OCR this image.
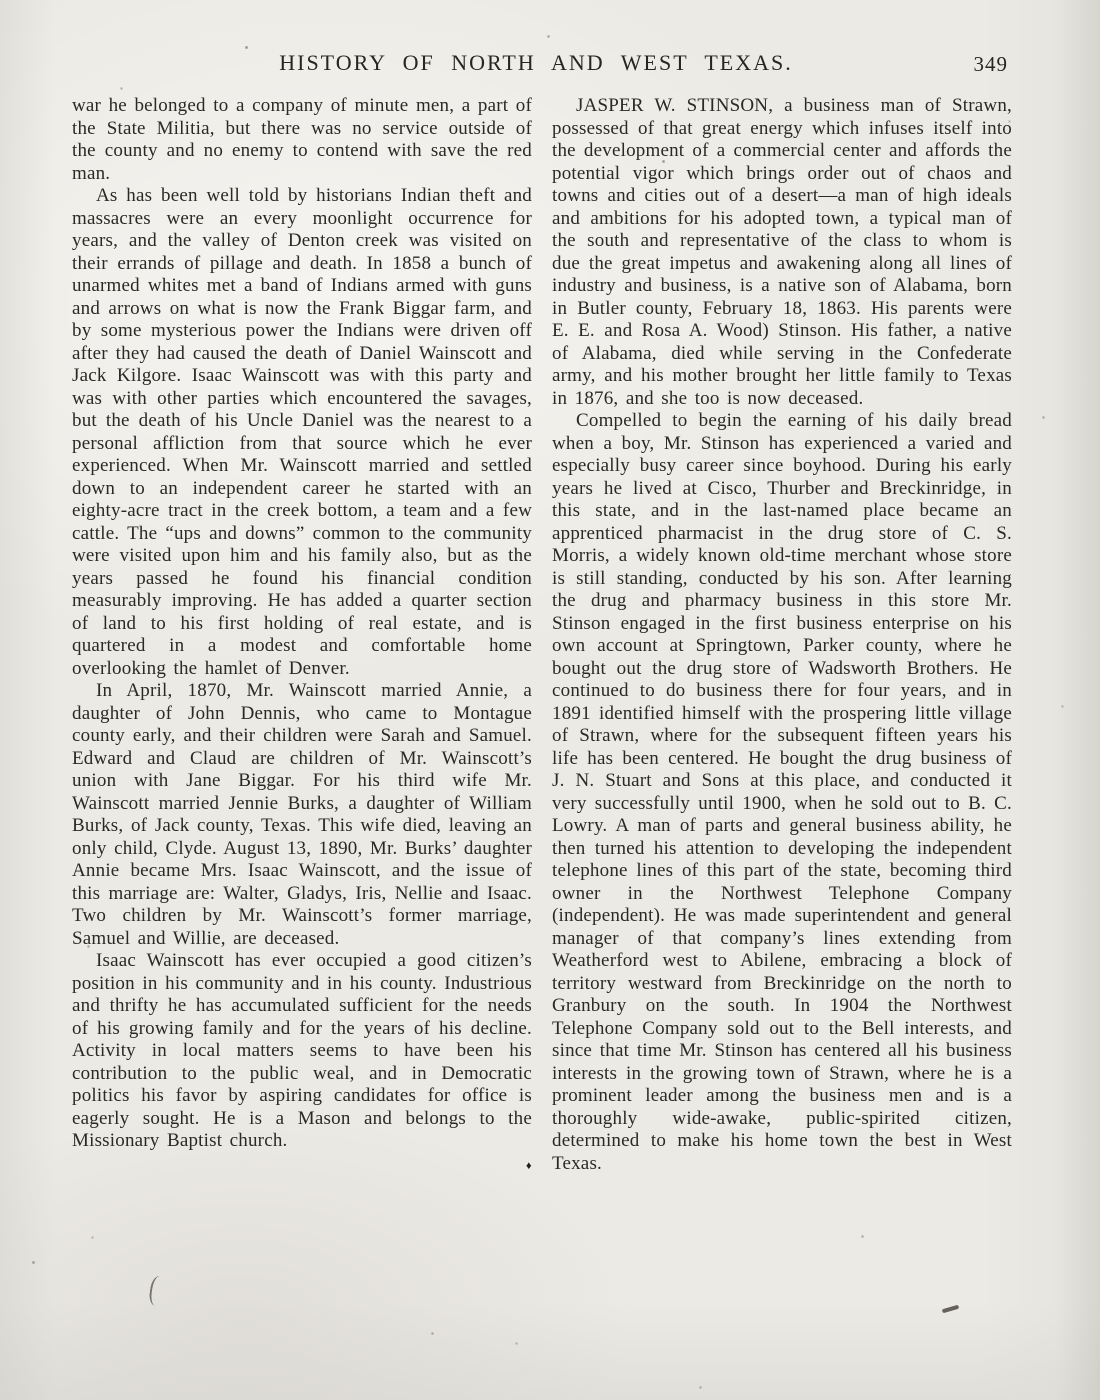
HISTORY OF NORTH AND WEST TEXAS.	349

war he belonged to a company of minute men, a part of the State Militia, but there was no service outside of the county and no enemy to contend with save the red man.

As has been well told by historians Indian theft and massacres were an every moonlight occurrence for years, and the valley of Denton creek was visited on their errands of pillage and death. In 1858 a bunch of unarmed whites met a band of Indians armed with guns and arrows on what is now the Frank Biggar farm, and by some mysterious power the Indians were driven off after they had caused the death of Daniel Wainscott and Jack Kilgore. Isaac Wainscott was with this party and was with other parties which encountered the savages, but the death of his Uncle Daniel was the nearest to a personal affliction from that source which he ever experienced. When Mr. Wainscott married and settled down to an independent career he started with an eighty-acre tract in the creek bottom, a team and a few cattle. The “ups and downs” common to the community were visited upon him and his family also, but as the years passed he found his financial condition measurably improving. He has added a quarter section of land to his first holding of real estate, and is quartered in a modest and comfortable home overlooking the hamlet of Denver.

In April, 1870, Mr. Wainscott married Annie, a daughter of John Dennis, who came to Montague county early, and their children were Sarah and Samuel. Edward and Claud are children of Mr. Wainscott’s union with Jane Biggar. For his third wife Mr. Wainscott married Jennie Burks, a daughter of William Burks, of Jack county, Texas. This wife died, leaving an only child, Clyde. August 13, 1890, Mr. Burks’ daughter Annie became Mrs. Isaac Wainscott, and the issue of this marriage are: Walter, Gladys, Iris, Nellie and Isaac. Two children by Mr. Wainscott’s former marriage, Samuel and Willie, are deceased.

Isaac Wainscott has ever occupied a good citizen’s position in his community and in his county. Industrious and thrifty he has accumulated sufficient for the needs of his growing family and for the years of his decline. Activity in local matters seems to have been his contribution to the public weal, and in Democratic politics his favor by aspiring candidates for office is eagerly sought. He is a Mason and belongs to the Missionary Baptist church.

JASPER W. STINSON, a business man of Strawn, possessed of that great energy which infuses itself into the development of a commercial center and affords the potential vigor which brings order out of chaos and towns and cities out of a desert—a man of high ideals and ambitions for his adopted town, a typical man of the south and representative of the class to whom is due the great impetus and awakening along all lines of industry and business, is a native son of Alabama, born in Butler county, February 18, 1863. His parents were E. E. and Rosa A. Wood) Stinson. His father, a native of Alabama, died while serving in the Confederate army, and his mother brought her little family to Texas in 1876, and she too is now deceased.

Compelled to begin the earning of his daily bread when a boy, Mr. Stinson has experienced a varied and especially busy career since boyhood. During his early years he lived at Cisco, Thurber and Breckinridge, in this state, and in the last-named place became an apprenticed pharmacist in the drug store of C. S. Morris, a widely known old-time merchant whose store is still standing, conducted by his son. After learning the drug and pharmacy business in this store Mr. Stinson engaged in the first business enterprise on his own account at Springtown, Parker county, where he bought out the drug store of Wadsworth Brothers. He continued to do business there for four years, and in 1891 identified himself with the prospering little village of Strawn, where for the subsequent fifteen years his life has been centered. He bought the drug business of J. N. Stuart and Sons at this place, and conducted it very successfully until 1900, when he sold out to B. C. Lowry. A man of parts and general business ability, he then turned his attention to developing the independent telephone lines of this part of the state, becoming third owner in the Northwest Telephone Company (independent). He was made superintendent and general manager of that company’s lines extending from Weatherford west to Abilene, embracing a block of territory westward from Breckinridge on the north to Granbury on the south. In 1904 the Northwest Telephone Company sold out to the Bell interests, and since that time Mr. Stinson has centered all his business interests in the growing town of Strawn, where he is a prominent leader among the business men and is a thoroughly wide-awake, public-spirited citizen, determined to make his home town the best in West Texas.

♦
